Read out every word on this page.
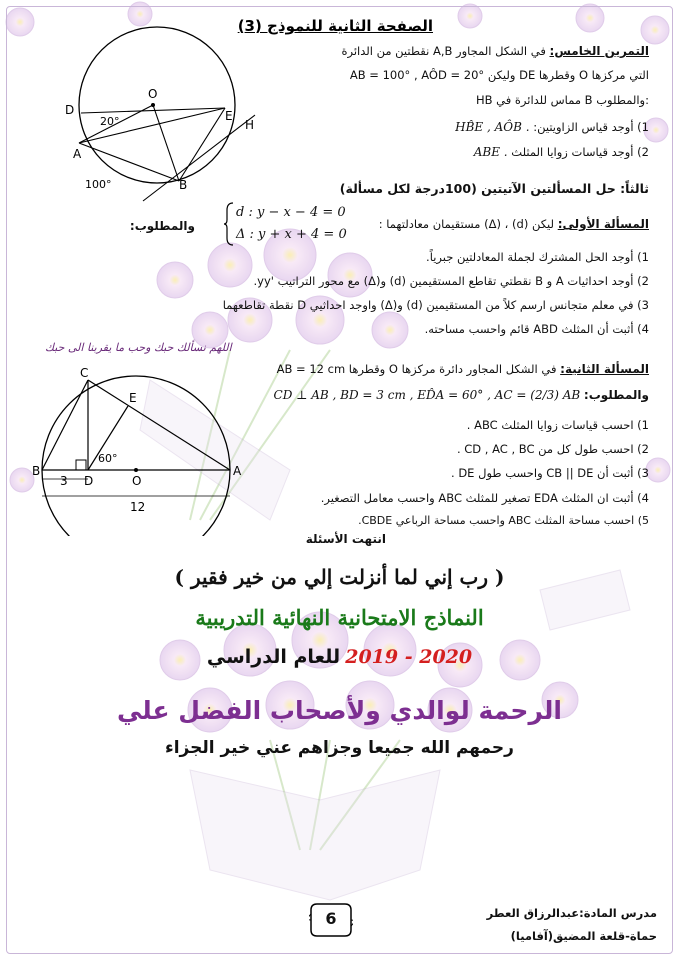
الصفحة الثانية للنموذج (3)
التمرين الخامس: في الشكل المجاور A,B نقطتين من الدائرة
التي مركزها O وقطرها DE وليكن AB = 100° , AÔD = 20°
HB مماس للدائرة في B والمطلوب:
1) أوجد قياس الزاويتين: HB̂E , AÔB .
2) أوجد قياسات زوايا المثلث ABE .
D
O
E
H
A
B
20°
100°	ثالثاً: حل المسألتين الآتيتين (100درجة لكل مسألة)
المسألة الأولى: ليكن (d) ، (Δ) مستقيمان معادلتهما :
d : y − x − 4 = 0
Δ : y + x + 4 = 0
والمطلوب:
1) أوجد الحل المشترك لجملة المعادلتين جبرياً.
2) أوجد احداثيات A و B نقطتي تقاطع المستقيمين (d) و(Δ) مع محور التراتيب 'yy.
3) في معلم متجانس ارسم كلاً من المستقيمين (d) و(Δ) واوجد احداثيي D نقطة تقاطعهما
4) أثبت أن المثلث ABD قائم واحسب مساحته.
اللهم نسألك حبك وحب ما يقربنا الى حبك
المسألة الثانية: في الشكل المجاور دائرة مركزها O وقطرها AB = 12 cm
والمطلوب: CD ⊥ AB , BD = 3 cm , ED̂A = 60° , AC = (2/3) AB
1) احسب قياسات زوايا المثلث ABC .
2) احسب طول كل من CD , AC , BC .
3) أثبت أن CB || DE واحسب طول DE .
4) أثبت ان المثلث EDA تصغير للمثلث ABC واحسب معامل التصغير.
5) احسب مساحة المثلث ABC واحسب مساحة الرباعي CBDE.
انتهت الأسئلة
C
E
B
D	O
A
3
12
60°
( رب إني لما أنزلت إلي من خير فقير )
النماذج الامتحانية النهائية التدريبية
للعام الدراسي 2019 - 2020
الرحمة لوالدي ولأصحاب الفضل علي
رحمهم الله جميعا وجزاهم عني خير الجزاء
6	مدرس المادة:عبدالرزاق العطر
حماة-قلعة المضيق(آفاميا)
